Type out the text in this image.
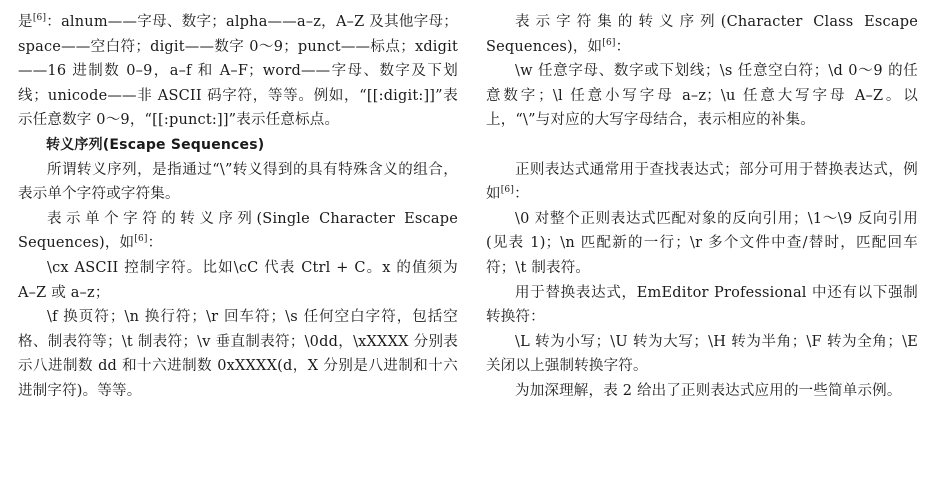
是[6]：alnum——字母、数字；alpha——a–z，A–Z 及其他字母；space——空白符；digit——数字 0～9；punct——标点；xdigit——16 进制数 0–9，a–f 和 A–F；word——字母、数字及下划线；unicode——非 ASCII 码字符，等等。例如，“[[:digit:]]”表示任意数字 0～9，“[[:punct:]]”表示任意标点。

转义序列(Escape Sequences)

所谓转义序列，是指通过“\”转义得到的具有特殊含义的组合，表示单个字符或字符集。

表示单个字符的转义序列(Single Character Escape Sequences)，如[6]：

\cx ASCII 控制字符。比如\cC 代表 Ctrl + C。x 的值须为 A–Z 或 a–z；

\f 换页符；\n 换行符；\r 回车符；\s 任何空白字符，包括空格、制表符等；\t 制表符；\v 垂直制表符；\0dd，\xXXXX 分别表示八进制数 dd 和十六进制数 0xXXXX(d，X 分别是八进制和十六进制字符)。等等。

表示字符集的转义序列(Character Class Escape Sequences)，如[6]：

\w 任意字母、数字或下划线；\s 任意空白符；\d 0～9 的任意数字；\l 任意小写字母 a–z；\u 任意大写字母 A–Z。以上，“\”与对应的大写字母结合，表示相应的补集。

正则表达式通常用于查找表达式；部分可用于替换表达式，例如[6]：

\0 对整个正则表达式匹配对象的反向引用；\1～\9 反向引用(见表 1)；\n 匹配新的一行；\r 多个文件中查/替时，匹配回车符；\t 制表符。

用于替换表达式，EmEditor Professional 中还有以下强制转换符：

\L 转为小写；\U 转为大写；\H 转为半角；\F 转为全角；\E 关闭以上强制转换字符。

为加深理解，表 2 给出了正则表达式应用的一些简单示例。
